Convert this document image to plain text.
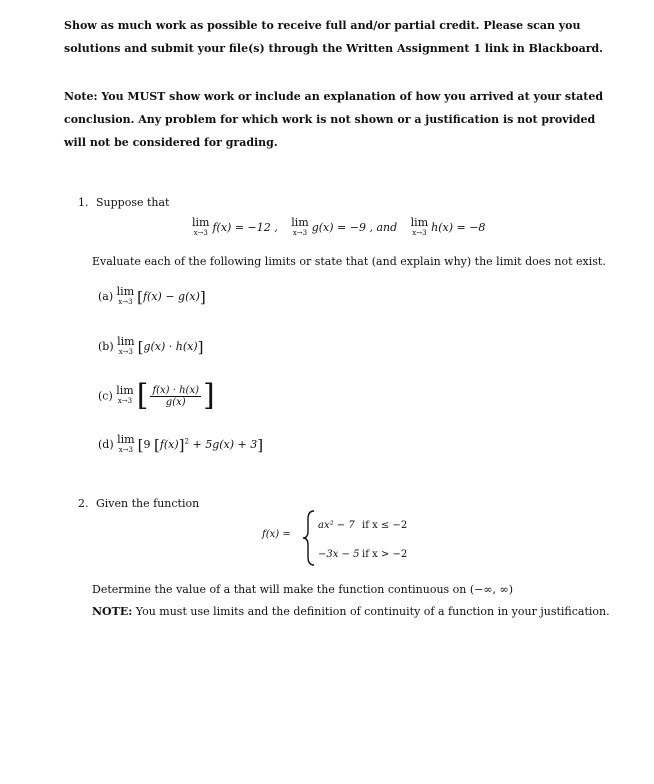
Show as much work as possible to receive full and/or partial credit. Please scan you
solutions and submit your file(s) through the Written Assignment 1 link in Blackboard.
Note: You MUST show work or include an explanation of how you arrived at your stated
conclusion. Any problem for which work is not shown or a justification is not provided
will not be considered for grading.
1. Suppose that
lim
x→3 f(x) = −12 , lim
x→3 g(x) = −9 , and lim
x→3 h(x) = −8
Evaluate each of the following limits or state that (and explain why) the limit does not exist.
(a) lim
x→3 [f(x) − g(x)]
(b) lim
x→3 [g(x) · h(x)]
(c) lim
x→3 [ $\frac{f(x) \cdot h(x)}{g(x)}$ ]
(d) lim
x→3 [9 $[f(x)]^2 + 5g(x) + 3$]
2. Given the function
f(x) =
ax² − 7 if x ≤ −2
−3x − 5 if x > −2
Determine the value of a that will make the function continuous on (−∞, ∞)
NOTE: You must use limits and the definition of continuity of a function in your justification.
